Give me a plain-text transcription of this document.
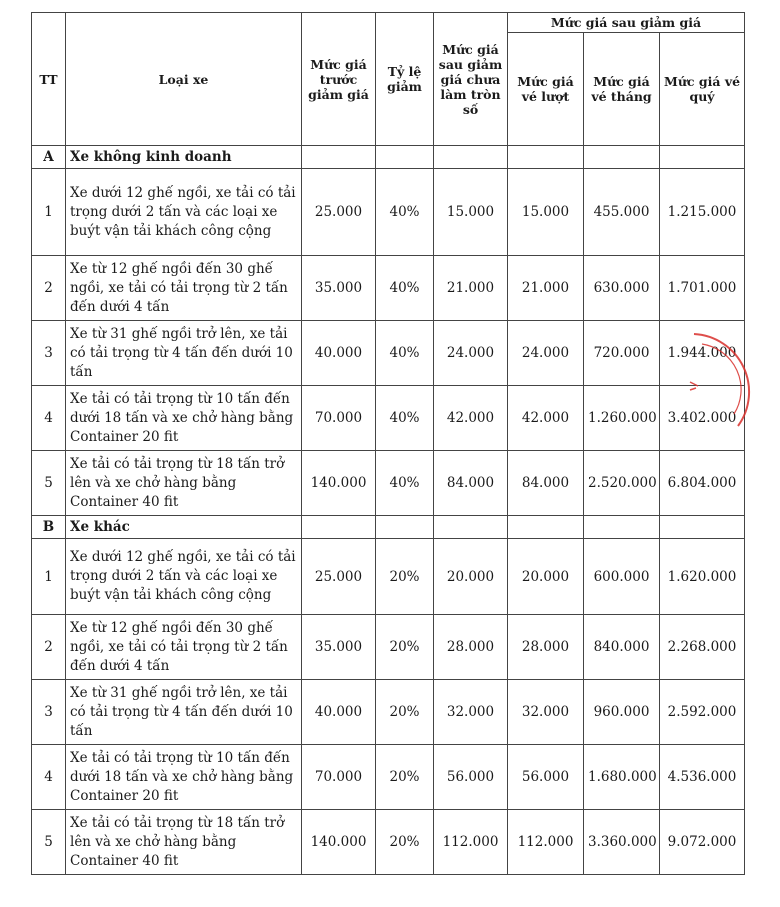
TT	Loại xe	Mức giá trước giảm giá	Tỷ lệ giảm	Mức giá sau giảm giá chưa làm tròn số	Mức giá sau giảm giá		
					Mức giá vé lượt	Mức giá vé tháng	Mức giá vé quý
A	Xe không kinh doanh						
1	Xe dưới 12 ghế ngồi, xe tải có tải trọng dưới 2 tấn và các loại xe buýt vận tải khách công cộng	25.000	40%	15.000	15.000	455.000	1.215.000
2	Xe từ 12 ghế ngồi đến 30 ghế ngồi, xe tải có tải trọng từ 2 tấn đến dưới 4 tấn	35.000	40%	21.000	21.000	630.000	1.701.000
3	Xe từ 31 ghế ngồi trở lên, xe tải có tải trọng từ 4 tấn đến dưới 10 tấn	40.000	40%	24.000	24.000	720.000	1.944.000
4	Xe tải có tải trọng từ 10 tấn đến dưới 18 tấn và xe chở hàng bằng Container 20 fit	70.000	40%	42.000	42.000	1.260.000	3.402.000
5	Xe tải có tải trọng từ 18 tấn trở lên và xe chở hàng bằng Container 40 fit	140.000	40%	84.000	84.000	2.520.000	6.804.000
B	Xe khác						
1	Xe dưới 12 ghế ngồi, xe tải có tải trọng dưới 2 tấn và các loại xe buýt vận tải khách công cộng	25.000	20%	20.000	20.000	600.000	1.620.000
2	Xe từ 12 ghế ngồi đến 30 ghế ngồi, xe tải có tải trọng từ 2 tấn đến dưới 4 tấn	35.000	20%	28.000	28.000	840.000	2.268.000
3	Xe từ 31 ghế ngồi trở lên, xe tải có tải trọng từ 4 tấn đến dưới 10 tấn	40.000	20%	32.000	32.000	960.000	2.592.000
4	Xe tải có tải trọng từ 10 tấn đến dưới 18 tấn và xe chở hàng bằng Container 20 fit	70.000	20%	56.000	56.000	1.680.000	4.536.000
5	Xe tải có tải trọng từ 18 tấn trở lên và xe chở hàng bằng Container 40 fit	140.000	20%	112.000	112.000	3.360.000	9.072.000
